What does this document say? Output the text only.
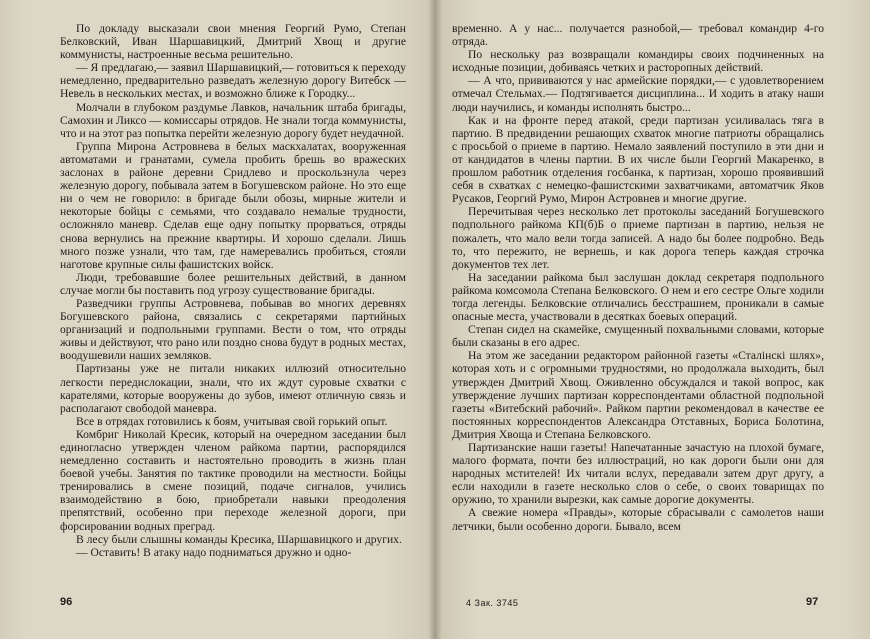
По докладу высказали свои мнения Георгий Румо, Степан Белковский, Иван Шаршавицкий, Дмитрий Хвощ и другие коммунисты, настроенные весьма решительно.

— Я предлагаю,— заявил Шаршавицкий,— готовиться к переходу немедленно, предварительно разведать железную дорогу Витебск — Невель в нескольких местах, и возможно ближе к Городку...

Молчали в глубоком раздумье Лавков, начальник штаба бригады, Самохин и Ликсо — комиссары отрядов. Не знали тогда коммунисты, что и на этот раз попытка перейти железную дорогу будет неудачной.

Группа Мирона Астровнева в белых маскхалатах, вооруженная автоматами и гранатами, сумела пробить брешь во вражеских заслонах в районе деревни Сридлево и проскользнула через железную дорогу, побывала затем в Богушевском районе. Но это еще ни о чем не говорило: в бригаде были обозы, мирные жители и некоторые бойцы с семьями, что создавало немалые трудности, осложняло маневр. Сделав еще одну попытку прорваться, отряды снова вернулись на прежние квартиры. И хорошо сделали. Лишь много позже узнали, что там, где намеревались пробиться, стояли наготове крупные силы фашистских войск.

Люди, требовавшие более решительных действий, в данном случае могли бы поставить под угрозу существование бригады.

Разведчики группы Астровнева, побывав во многих деревнях Богушевского района, связались с секретарями партийных организаций и подпольными группами. Вести о том, что отряды живы и действуют, что рано или поздно снова будут в родных местах, воодушевили наших земляков.

Партизаны уже не питали никаких иллюзий относительно легкости передислокации, знали, что их ждут суровые схватки с карателями, которые вооружены до зубов, имеют отличную связь и располагают свободой маневра.

Все в отрядах готовились к боям, учитывая свой горький опыт.

Комбриг Николай Кресик, который на очередном заседании был единогласно утвержден членом райкома партии, распорядился немедленно составить и настоятельно проводить в жизнь план боевой учебы. Занятия по тактике проводили на местности. Бойцы тренировались в смене позиций, подаче сигналов, учились взаимодействию в бою, приобретали навыки преодоления препятствий, особенно при переходе железной дороги, при форсировании водных преград.

В лесу были слышны команды Кресика, Шаршавицкого и других.

— Оставить! В атаку надо подниматься дружно и одно-

96

временно. А у нас... получается разнобой,— требовал командир 4-го отряда.

По нескольку раз возвращали командиры своих подчиненных на исходные позиции, добиваясь четких и расторопных действий.

— А что, прививаются у нас армейские порядки,— с удовлетворением отмечал Стельмах.— Подтягивается дисциплина... И ходить в атаку наши люди научились, и команды исполнять быстро...

Как и на фронте перед атакой, среди партизан усиливалась тяга в партию. В предвидении решающих схваток многие патриоты обращались с просьбой о приеме в партию. Немало заявлений поступило в эти дни и от кандидатов в члены партии. В их числе были Георгий Макаренко, в прошлом работник отделения госбанка, к партизан, хорошо проявивший себя в схватках с немецко-фашистскими захватчиками, автоматчик Яков Русаков, Георгий Румо, Мирон Астровнев и многие другие.

Перечитывая через несколько лет протоколы заседаний Богушевского подпольного райкома КП(б)Б о приеме партизан в партию, нельзя не пожалеть, что мало вели тогда записей. А надо бы более подробно. Ведь то, что пережито, не вернешь, и как дорога теперь каждая строчка документов тех лет.

На заседании райкома был заслушан доклад секретаря подпольного райкома комсомола Степана Белковского. О нем и его сестре Ольге ходили тогда легенды. Белковские отличались бесстрашием, проникали в самые опасные места, участвовали в десятках боевых операций.

Степан сидел на скамейке, смущенный похвальными словами, которые были сказаны в его адрес.

На этом же заседании редактором районной газеты «Сталiнскi шлях», которая хоть и с огромными трудностями, но продолжала выходить, был утвержден Дмитрий Хвощ. Оживленно обсуждался и такой вопрос, как утверждение лучших партизан корреспондентами областной подпольной газеты «Витебский рабочий». Райком партии рекомендовал в качестве ее постоянных корреспондентов Александра Отставных, Бориса Болотина, Дмитрия Хвоща и Степана Белковского.

Партизанские наши газеты! Напечатанные зачастую на плохой бумаге, малого формата, почти без иллюстраций, но как дороги были они для народных мстителей! Их читали вслух, передавали затем друг другу, а если находили в газете несколько слов о себе, о своих товарищах по оружию, то хранили вырезки, как самые дорогие документы.

А свежие номера «Правды», которые сбрасывали с самолетов наши летчики, были особенно дороги. Бывало, всем

4 Зак. 3745	97
